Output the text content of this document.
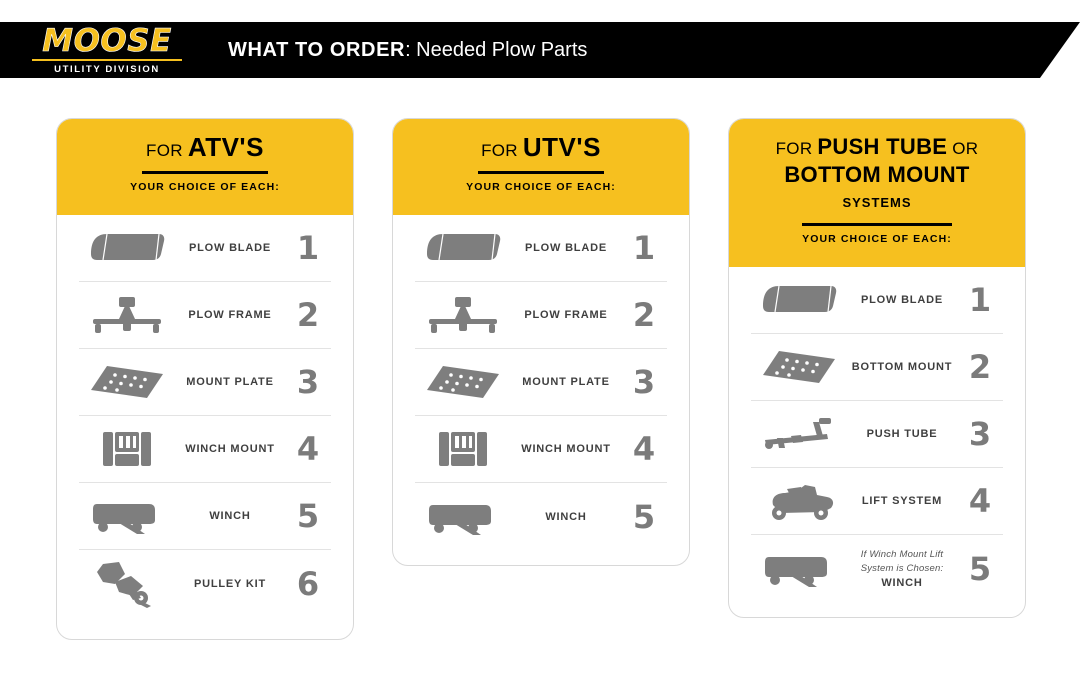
MOOSE
UTILITY DIVISION
WHAT TO ORDER: Needed Plow Parts
FOR ATV'S
YOUR CHOICE OF EACH:
PLOW BLADE 1
PLOW FRAME 2
MOUNT PLATE 3
WINCH MOUNT 4
WINCH	5
PULLEY KIT 6
FOR UTV'S
YOUR CHOICE OF EACH:
PLOW BLADE 1
PLOW FRAME 2
MOUNT PLATE 3
WINCH MOUNT 4
WINCH	5
FOR PUSH TUBE OR
BOTTOM MOUNT
SYSTEMS
YOUR CHOICE OF EACH:
PLOW BLADE 1
BOTTOM MOUNT 2
PUSH TUBE 3
LIFT SYSTEM 4
If Winch Mount Lift System is Chosen:
WINCH	5
